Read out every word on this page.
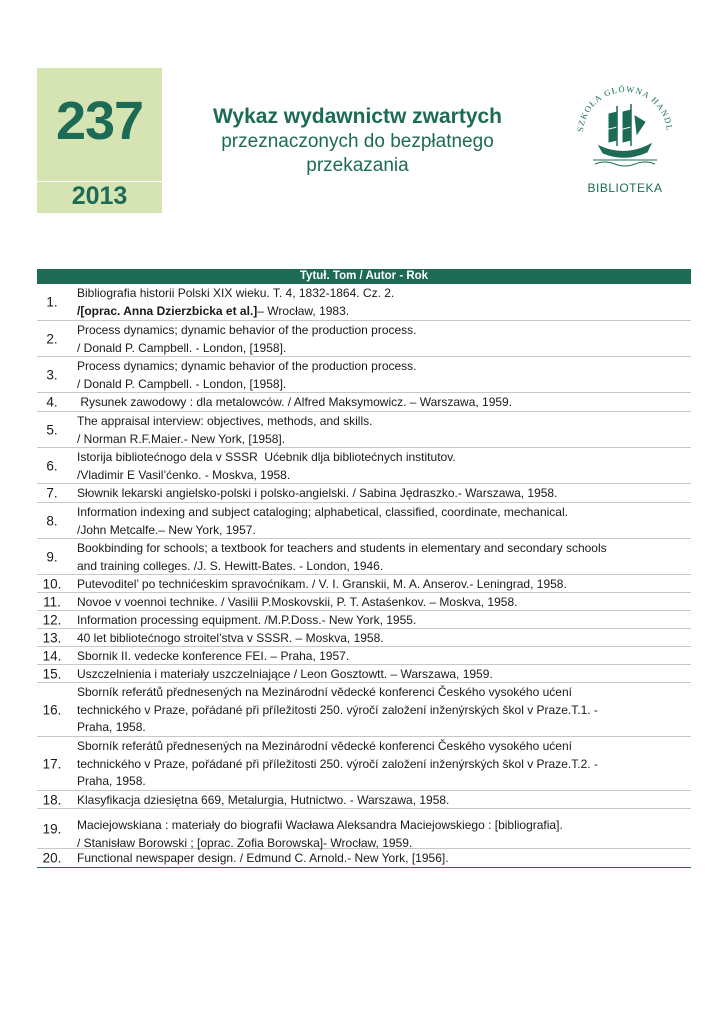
237
2013
Wykaz wydawnictw zwartych
przeznaczonych do bezpłatnego
przekazania
SZKOŁA GŁÓWNA HANDL
BIBLIOTEKA
Tytuł. Tom / Autor - Rok
1.
Bibliografia historii Polski XIX wieku. T. 4, 1832-1864. Cz. 2.
/[oprac. Anna Dzierzbicka et al.]– Wrocław, 1983.
2.
Process dynamics; dynamic behavior of the production process.
/ Donald P. Campbell. - London, [1958].
3.
Process dynamics; dynamic behavior of the production process.
/ Donald P. Campbell. - London, [1958].
4.	Rysunek zawodowy : dla metalowców. / Alfred Maksymowicz. – Warszawa, 1959.
5.
The appraisal interview: objectives, methods, and skills.
/ Norman R.F.Maier.- New York, [1958].
6.
Istorija bibliotećnogo dela v SSSR  Ućebnik dlja bibliotećnych institutov.
/Vladimir E Vasil’ćenko. - Moskva, 1958.
7.	Słownik lekarski angielsko-polski i polsko-angielski. / Sabina Jędraszko.- Warszawa, 1958.
8.
Information indexing and subject cataloging; alphabetical, classified, coordinate, mechanical.
/John Metcalfe.– New York, 1957.
9.
Bookbinding for schools; a textbook for teachers and students in elementary and secondary schools
and training colleges. /J. S. Hewitt-Bates. - London, 1946.
10.	Putevoditel’ po technićeskim spravoćnikam. / V. I. Granskii, M. A. Anserov.- Leningrad, 1958.
11.	Novoe v voennoi technike. / Vasilii P.Moskovskii, P. T. Astaśenkov. – Moskva, 1958.
12.	Information processing equipment. /M.P.Doss.- New York, 1955.
13.	40 let bibliotećnogo stroitel’stva v SSSR. – Moskva, 1958.
14.	Sbornik II. vedecke konference FEI. – Praha, 1957.
15.	Uszczelnienia i materiały uszczelniające / Leon Gosztowtt. – Warszawa, 1959.
16.
Sborník referátů přednesených na Mezinárodní vědecké konferenci Českého vysokého ućení
technického v Praze, pořádané při příležitosti 250. výročí založení inženýrských škol v Praze.T.1. -
Praha, 1958.
17.
Sborník referátů přednesených na Mezinárodní vědecké konferenci Českého vysokého ućení
technického v Praze, pořádané při příležitosti 250. výročí založení inženýrských škol v Praze.T.2. -
Praha, 1958.
18.	Klasyfikacja dziesiętna 669, Metalurgia, Hutnictwo. - Warszawa, 1958.
19.	Maciejowskiana : materiały do biografii Wacława Aleksandra Maciejowskiego : [bibliografia].
/ Stanisław Borowski ; [oprac. Zofia Borowska]- Wrocław, 1959.
20.	Functional newspaper design. / Edmund C. Arnold.- New York, [1956].
